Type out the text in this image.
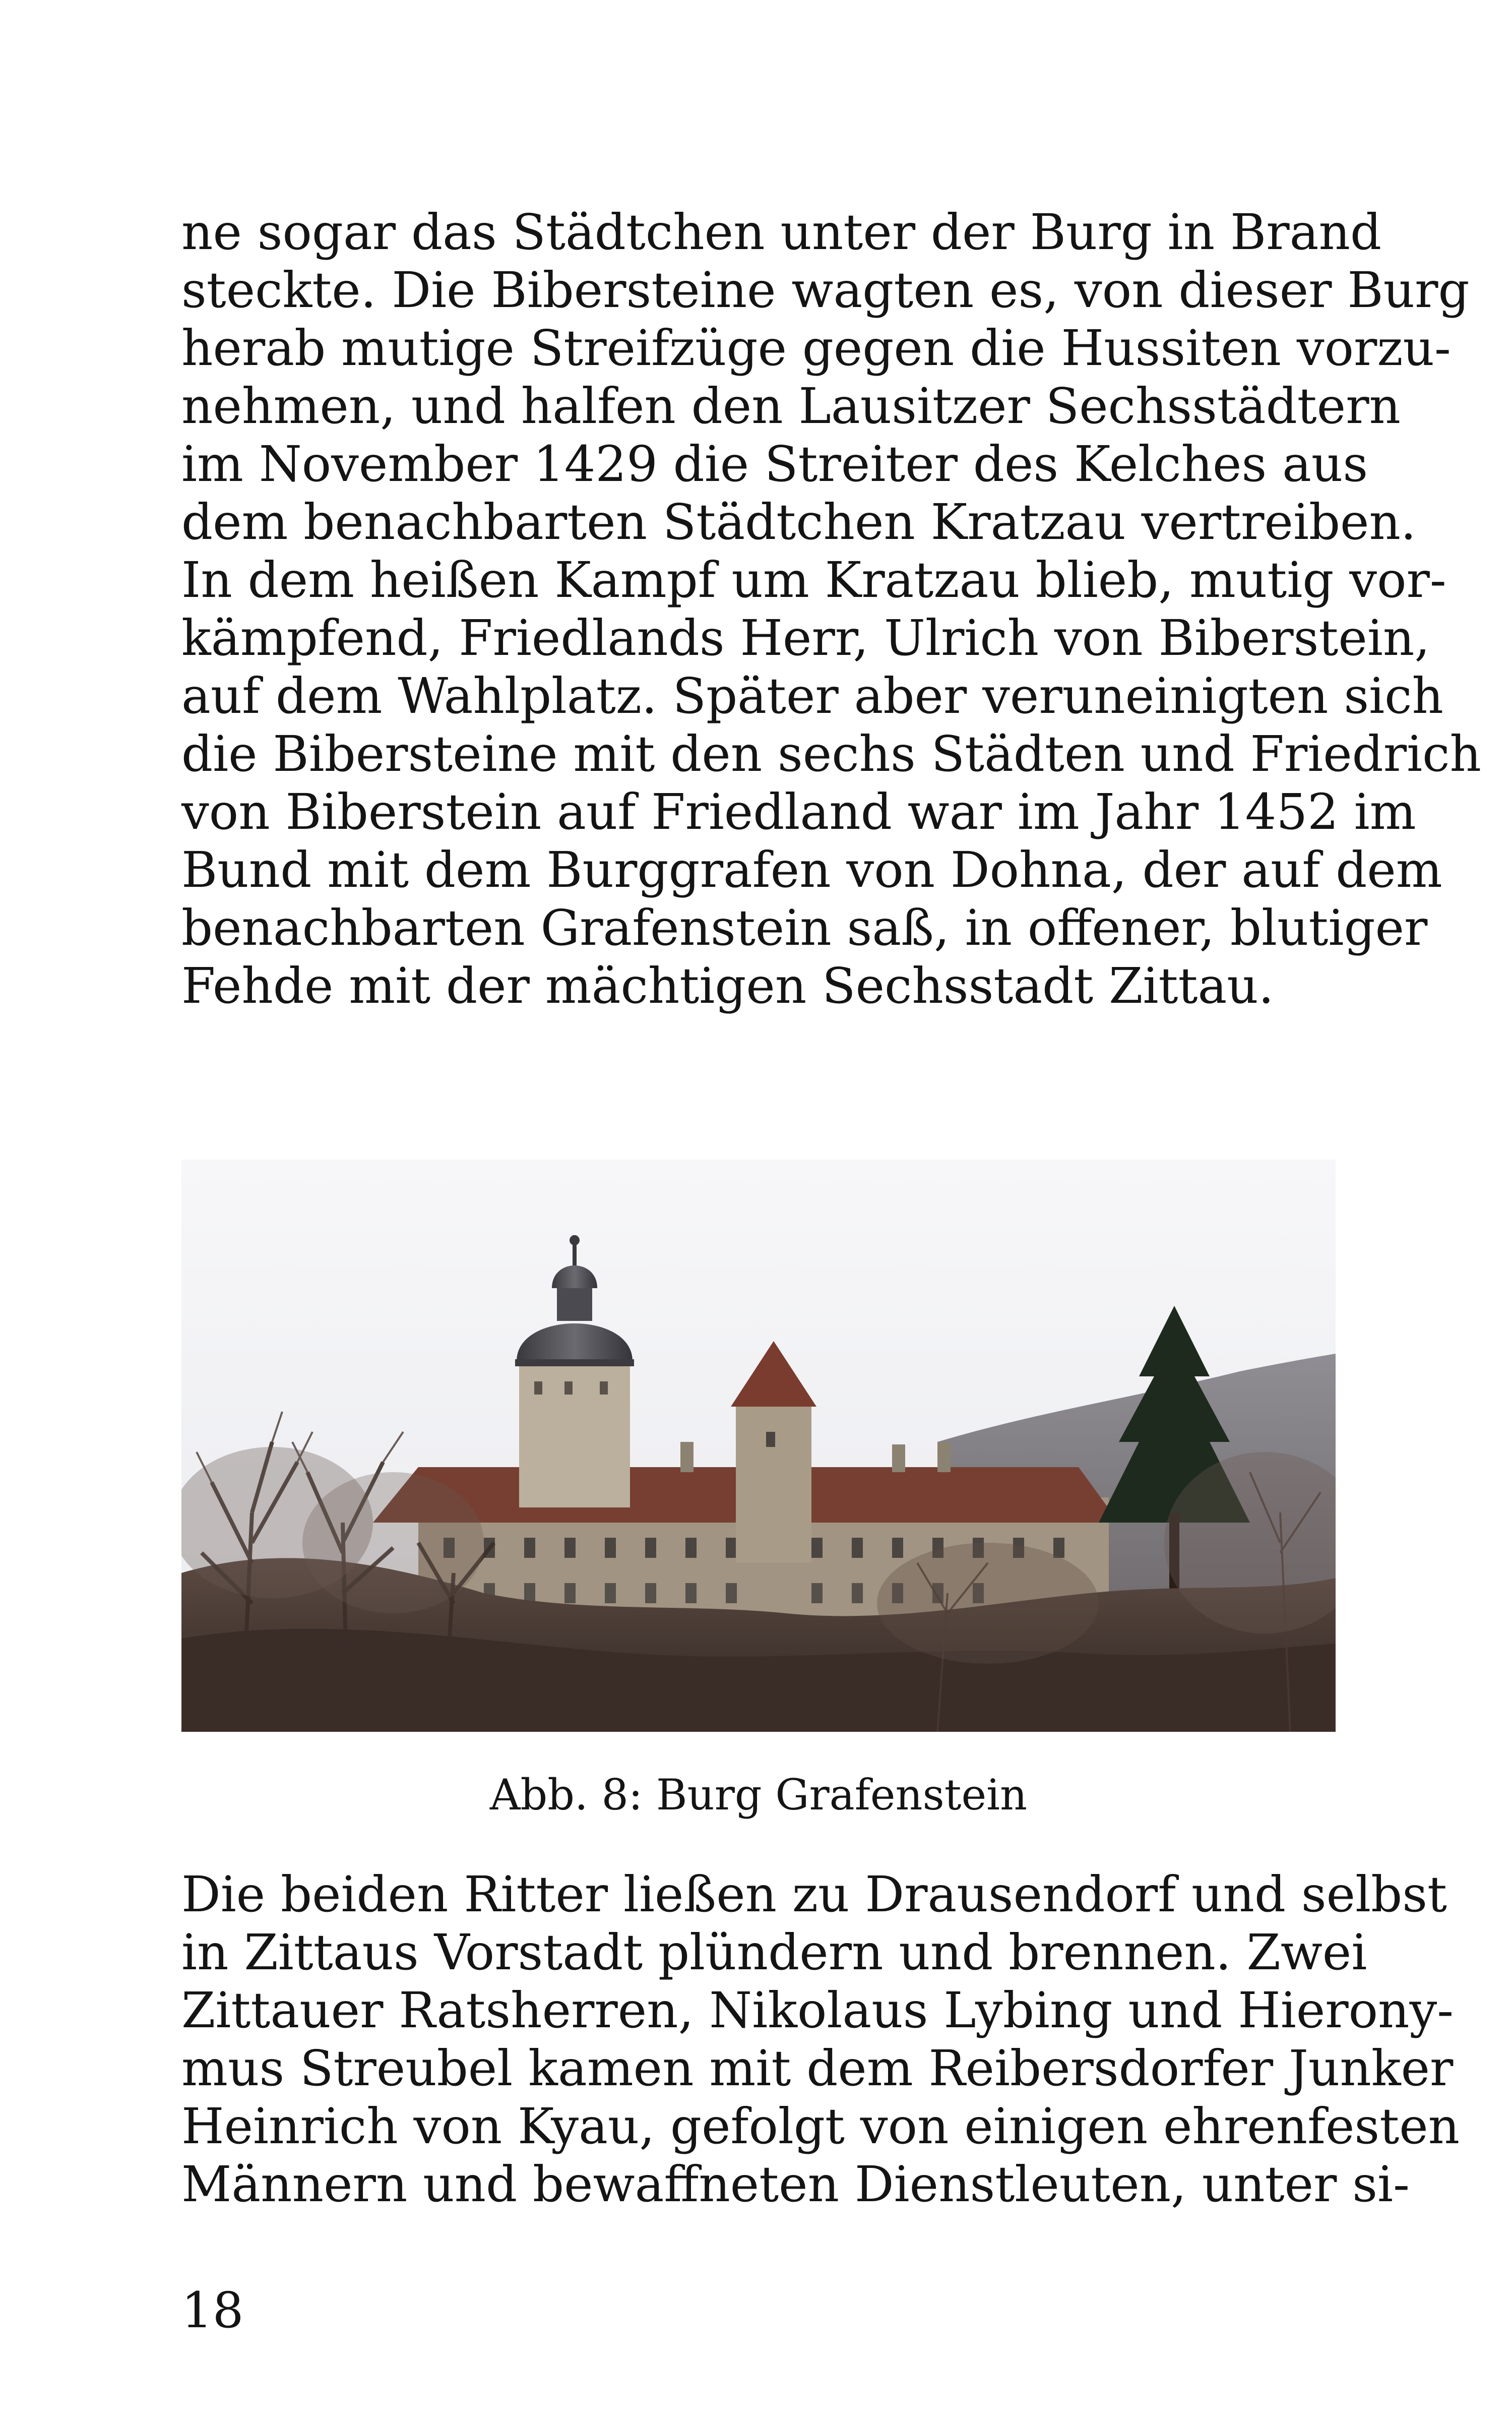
ne sogar das Städtchen unter der Burg in Brand
steckte. Die Bibersteine wagten es, von dieser Burg
herab mutige Streifzüge gegen die Hussiten vorzu-
nehmen, und halfen den Lausitzer Sechsstädtern
im November 1429 die Streiter des Kelches aus
dem benachbarten Städtchen Kratzau vertreiben.
In dem heißen Kampf um Kratzau blieb, mutig vor-
kämpfend, Friedlands Herr, Ulrich von Biberstein,
auf dem Wahlplatz. Später aber veruneinigten sich
die Bibersteine mit den sechs Städten und Friedrich
von Biberstein auf Friedland war im Jahr 1452 im
Bund mit dem Burggrafen von Dohna, der auf dem
benachbarten Grafenstein saß, in offener, blutiger
Fehde mit der mächtigen Sechsstadt Zittau.
Abb. 8: Burg Grafenstein
Die beiden Ritter ließen zu Drausendorf und selbst
in Zittaus Vorstadt plündern und brennen. Zwei
Zittauer Ratsherren, Nikolaus Lybing und Hierony-
mus Streubel kamen mit dem Reibersdorfer Junker
Heinrich von Kyau, gefolgt von einigen ehrenfesten
Männern und bewaffneten Dienstleuten, unter si-
18
